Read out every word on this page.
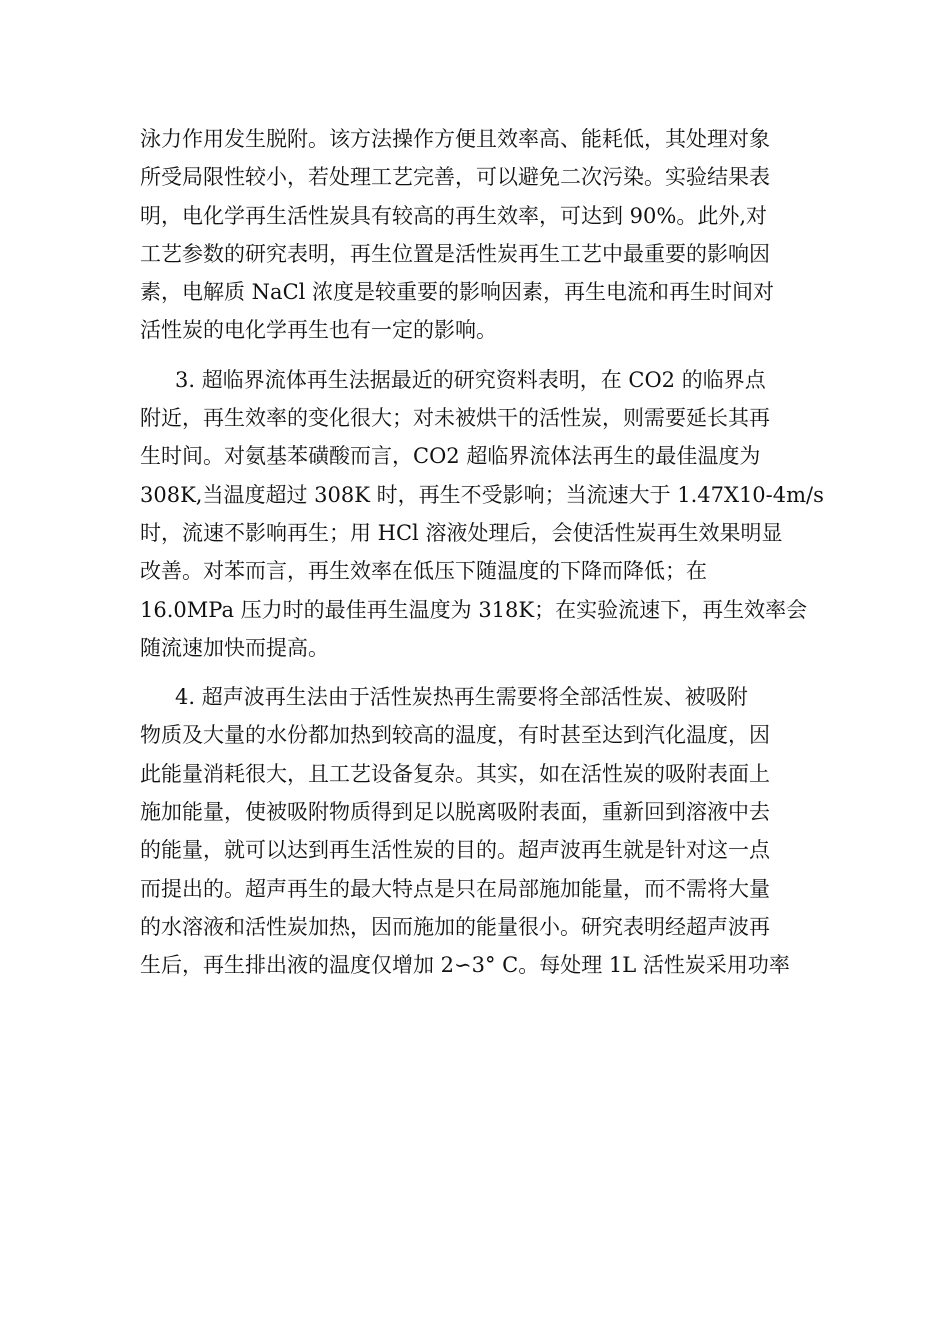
泳力作用发生脱附。该方法操作方便且效率高、能耗低，其处理对象
所受局限性较小，若处理工艺完善，可以避免二次污染。实验结果表
明，电化学再生活性炭具有较高的再生效率，可达到 90%。此外,对
工艺参数的研究表明，再生位置是活性炭再生工艺中最重要的影响因
素，电解质 NaCl 浓度是较重要的影响因素，再生电流和再生时间对
活性炭的电化学再生也有一定的影响。
3. 超临界流体再生法据最近的研究资料表明，在 CO2 的临界点
附近，再生效率的变化很大；对未被烘干的活性炭，则需要延长其再
生时间。对氨基苯磺酸而言，CO2 超临界流体法再生的最佳温度为
308K,当温度超过 308K 时，再生不受影响；当流速大于 1.47X10-4m/s
时，流速不影响再生；用 HCl 溶液处理后，会使活性炭再生效果明显
改善。对苯而言，再生效率在低压下随温度的下降而降低；在
16.0MPa 压力时的最佳再生温度为 318K；在实验流速下，再生效率会
随流速加快而提高。
4. 超声波再生法由于活性炭热再生需要将全部活性炭、被吸附
物质及大量的水份都加热到较高的温度，有时甚至达到汽化温度，因
此能量消耗很大，且工艺设备复杂。其实，如在活性炭的吸附表面上
施加能量，使被吸附物质得到足以脱离吸附表面，重新回到溶液中去
的能量，就可以达到再生活性炭的目的。超声波再生就是针对这一点
而提出的。超声再生的最大特点是只在局部施加能量，而不需将大量
的水溶液和活性炭加热，因而施加的能量很小。研究表明经超声波再
生后，再生排出液的温度仅增加 2∽3° C。每处理 1L 活性炭采用功率
